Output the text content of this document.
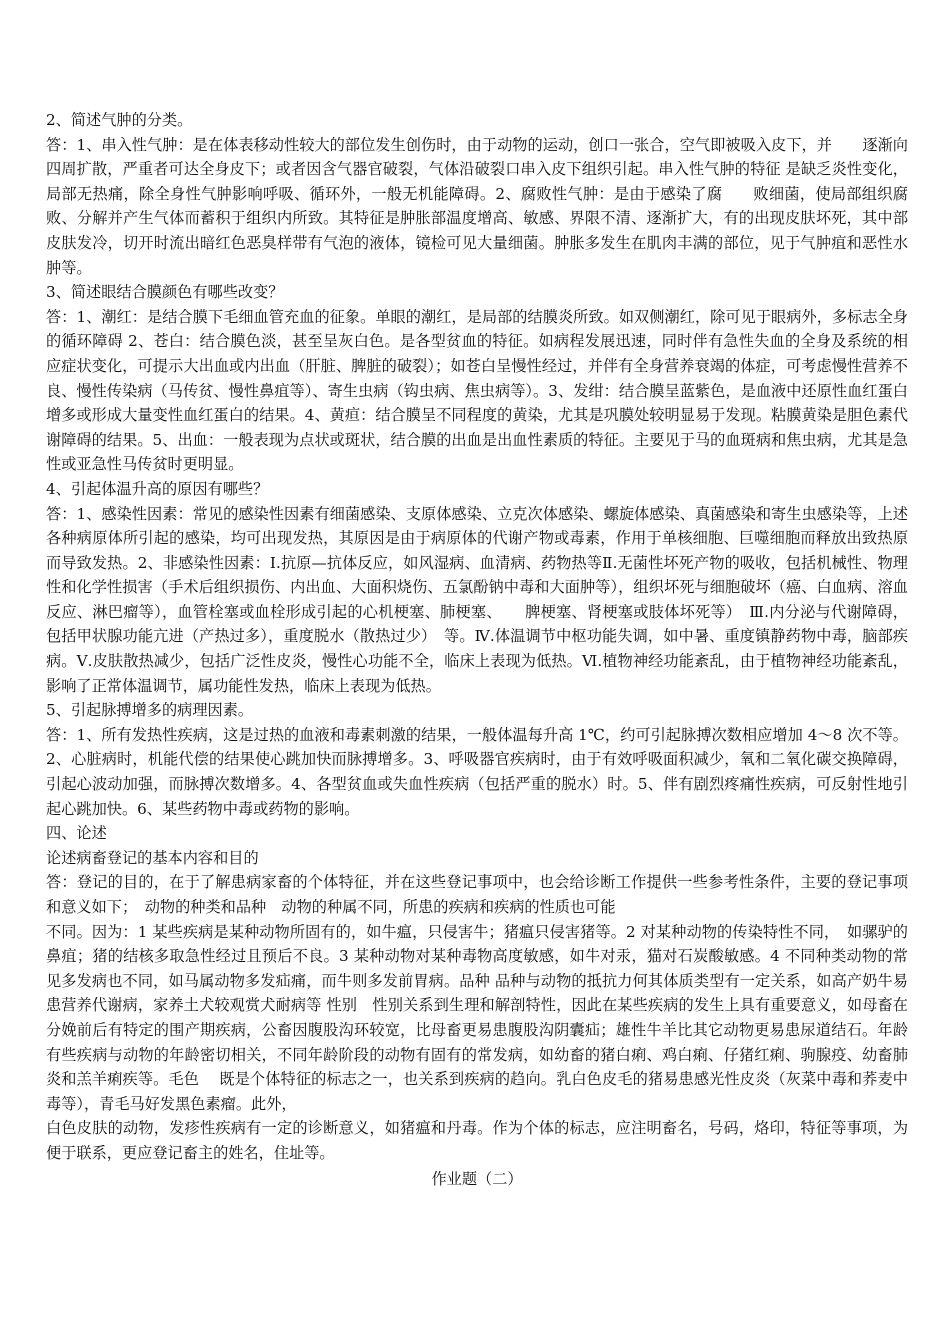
2、简述气肿的分类。

答：1、串入性气肿：是在体表移动性较大的部位发生创伤时，由于动物的运动，创口一张合，空气即被吸入皮下，并　　逐渐向四周扩散，严重者可达全身皮下；或者因含气器官破裂，气体沿破裂口串入皮下组织引起。串入性气肿的特征 是缺乏炎性变化，局部无热痛，除全身性气肿影响呼吸、循环外，一般无机能障碍。2、腐败性气肿：是由于感染了腐　　败细菌，使局部组织腐败、分解并产生气体而蓄积于组织内所致。其特征是肿胀部温度增高、敏感、界限不清、逐渐扩大，有的出现皮肤坏死，其中部皮肤发冷，切开时流出暗红色恶臭样带有气泡的液体，镜检可见大量细菌。肿胀多发生在肌肉丰满的部位，见于气肿疽和恶性水肿等。

3、简述眼结合膜颜色有哪些改变？

答：1、潮红：是结合膜下毛细血管充血的征象。单眼的潮红，是局部的结膜炎所致。如双侧潮红，除可见于眼病外，多标志全身的循环障碍 2、苍白：结合膜色淡，甚至呈灰白色。是各型贫血的特征。如病程发展迅速，同时伴有急性失血的全身及系统的相应症状变化，可提示大出血或内出血（肝脏、脾脏的破裂）；如苍白呈慢性经过，并伴有全身营养衰竭的体症，可考虑慢性营养不良、慢性传染病（马传贫、慢性鼻疽等）、寄生虫病（钩虫病、焦虫病等）。3、发绀：结合膜呈蓝紫色，是血液中还原性血红蛋白增多或形成大量变性血红蛋白的结果。4、黄疸：结合膜呈不同程度的黄染，尤其是巩膜处较明显易于发现。粘膜黄染是胆色素代谢障碍的结果。5、出血：一般表现为点状或斑状，结合膜的出血是出血性素质的特征。主要见于马的血斑病和焦虫病，尤其是急性或亚急性马传贫时更明显。

4、引起体温升高的原因有哪些？

答：1、感染性因素：常见的感染性因素有细菌感染、支原体感染、立克次体感染、螺旋体感染、真菌感染和寄生虫感染等，上述各种病原体所引起的感染，均可出现发热，其原因是由于病原体的代谢产物或毒素，作用于单核细胞、巨噬细胞而释放出致热原而导致发热。2、非感染性因素：Ⅰ.抗原—抗体反应，如风湿病、血清病、药物热等Ⅱ.无菌性坏死产物的吸收，包括机械性、物理性和化学性损害（手术后组织损伤、内出血、大面积烧伤、五氯酚钠中毒和大面肿等），组织坏死与细胞破坏（癌、白血病、溶血反应、淋巴瘤等），血管栓塞或血栓形成引起的心机梗塞、肺梗塞、　　脾梗塞、肾梗塞或肢体坏死等）　Ⅲ.内分泌与代谢障碍，包括甲状腺功能亢进（产热过多），重度脱水（散热过少）　等。Ⅳ.体温调节中枢功能失调，如中暑、重度镇静药物中毒，脑部疾病。Ⅴ.皮肤散热减少，包括广泛性皮炎，慢性心功能不全，临床上表现为低热。Ⅵ.植物神经功能紊乱，由于植物神经功能紊乱，影响了正常体温调节，属功能性发热，临床上表现为低热。

5、引起脉搏增多的病理因素。

答：1、所有发热性疾病，这是过热的血液和毒素刺激的结果，一般体温每升高 1℃，约可引起脉搏次数相应增加 4～8 次不等。2、心脏病时，机能代偿的结果使心跳加快而脉搏增多。3、呼吸器官疾病时，由于有效呼吸面积减少，氧和二氧化碳交换障碍，引起心波动加强，而脉搏次数增多。4、各型贫血或失血性疾病（包括严重的脱水）时。5、伴有剧烈疼痛性疾病，可反射性地引起心跳加快。6、某些药物中毒或药物的影响。

四、论述

论述病畜登记的基本内容和目的

答：登记的目的，在于了解患病家畜的个体特征，并在这些登记事项中，也会给诊断工作提供一些参考性条件，主要的登记事项和意义如下；　动物的种类和品种　动物的种属不同，所患的疾病和疾病的性质也可能

不同。因为：1 某些疾病是某种动物所固有的，如牛瘟，只侵害牛；猪瘟只侵害猪等。2 对某种动物的传染特性不同，　如骡驴的鼻疽；猪的结核多取急性经过且预后不良。3 某种动物对某种毒物高度敏感，如牛对汞，猫对石炭酸敏感。4 不同种类动物的常见多发病也不同，如马属动物多发疝痛，而牛则多发前胃病。品种 品种与动物的抵抗力何其体质类型有一定关系，如高产奶牛易患营养代谢病，家养土犬较观赏犬耐病等 性别　性别关系到生理和解剖特性，因此在某些疾病的发生上具有重要意义，如母畜在分娩前后有特定的围产期疾病，公畜因腹股沟环较宽，比母畜更易患腹股沟阴囊疝；雄性牛羊比其它动物更易患尿道结石。年龄　 有些疾病与动物的年龄密切相关，不同年龄阶段的动物有固有的常发病，如幼畜的猪白痢、鸡白痢、仔猪红痢、驹腺疫、幼畜肺炎和羔羊痢疾等。毛色　 既是个体特征的标志之一，也关系到疾病的趋向。乳白色皮毛的猪易患感光性皮炎（灰菜中毒和荞麦中毒等），青毛马好发黑色素瘤。此外，

白色皮肤的动物，发疹性疾病有一定的诊断意义，如猪瘟和丹毒。作为个体的标志，应注明畜名，号码，烙印，特征等事项，为便于联系，更应登记畜主的姓名，住址等。

作业题（二）
